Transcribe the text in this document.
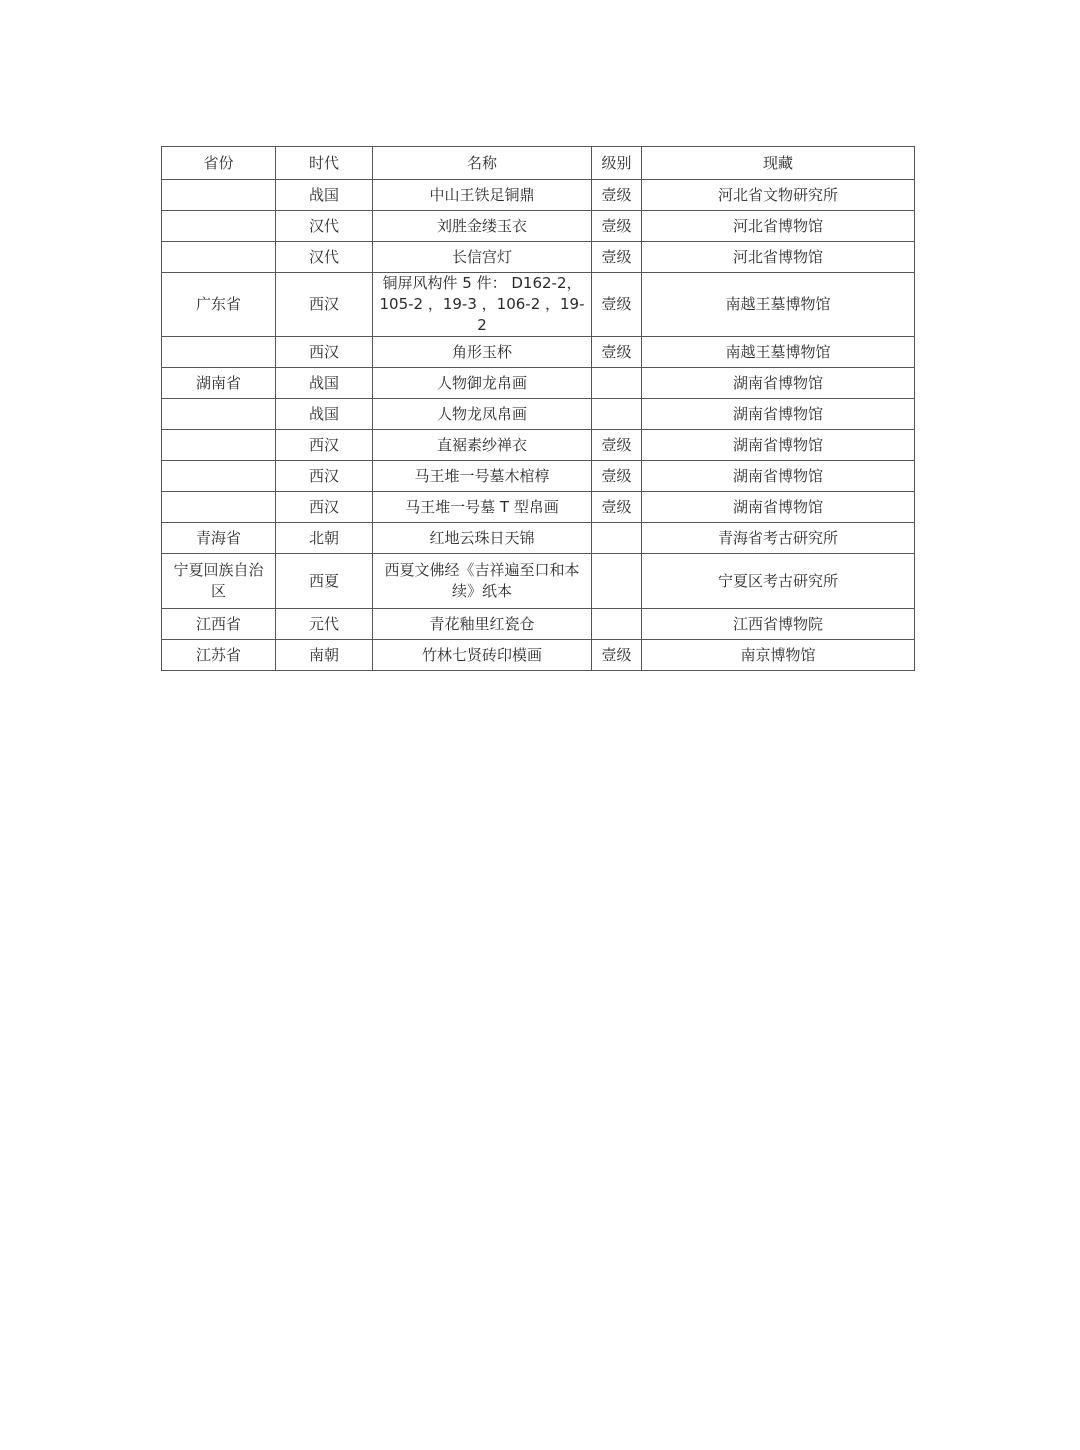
省份	时代	名称	级别	现藏
	战国	中山王铁足铜鼎	壹级	河北省文物研究所
	汉代	刘胜金缕玉衣	壹级	河北省博物馆
	汉代	长信宫灯	壹级	河北省博物馆
广东省	西汉	铜屏风构件 5 件： D162-2，105-2 ，19-3 ，106-2 ，19-2	壹级	南越王墓博物馆
	西汉	角形玉杯	壹级	南越王墓博物馆
湖南省	战国	人物御龙帛画		湖南省博物馆
	战国	人物龙凤帛画		湖南省博物馆
	西汉	直裾素纱禅衣	壹级	湖南省博物馆
	西汉	马王堆一号墓木棺椁	壹级	湖南省博物馆
	西汉	马王堆一号墓 T 型帛画	壹级	湖南省博物馆
青海省	北朝	红地云珠日天锦		青海省考古研究所
宁夏回族自治区	西夏	西夏文佛经《吉祥遍至口和本续》纸本		宁夏区考古研究所
江西省	元代	青花釉里红瓷仓		江西省博物院
江苏省	南朝	竹林七贤砖印模画	壹级	南京博物馆
